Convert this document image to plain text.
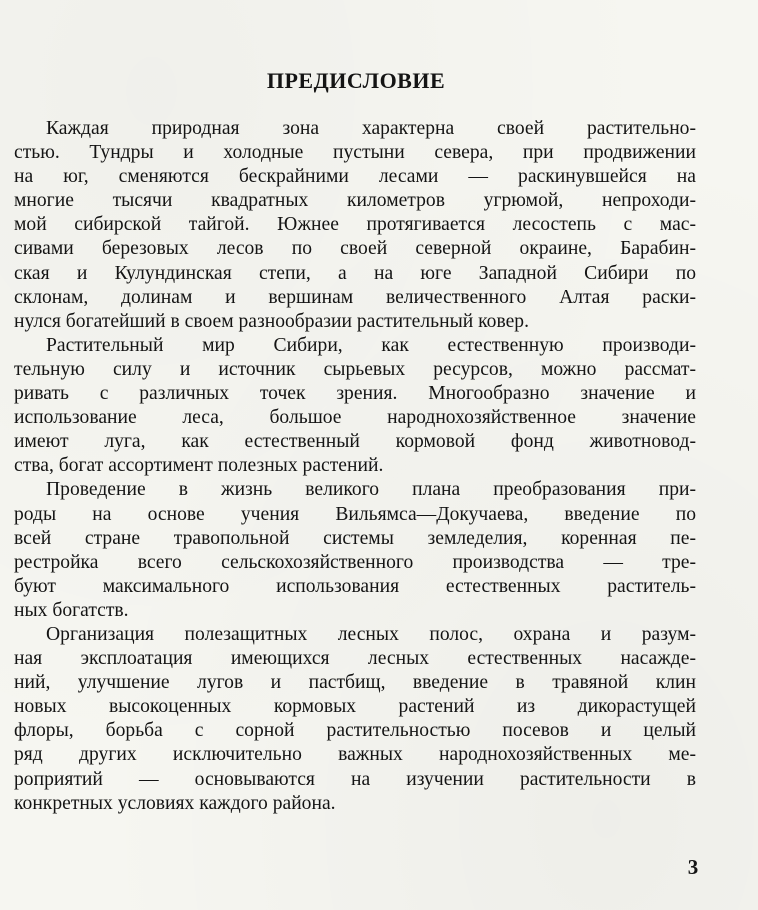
ПРЕДИСЛОВИЕ
Каждая природная зона характерна своей растительно-
стью. Тундры и холодные пустыни севера, при продвижении
на юг, сменяются бескрайними лесами — раскинувшейся на
многие тысячи квадратных километров угрюмой, непроходи-
мой сибирской тайгой. Южнее протягивается лесостепь с мас-
сивами березовых лесов по своей северной окраине, Барабин-
ская и Кулундинская степи, а на юге Западной Сибири по
склонам, долинам и вершинам величественного Алтая раски-
нулся богатейший в своем разнообразии растительный ковер.
Растительный мир Сибири, как естественную производи-
тельную силу и источник сырьевых ресурсов, можно рассмат-
ривать с различных точек зрения. Многообразно значение и
использование леса, большое народнохозяйственное значение
имеют луга, как естественный кормовой фонд животновод-
ства, богат ассортимент полезных растений.
Проведение в жизнь великого плана преобразования при-
роды на основе учения Вильямса—Докучаева, введение по
всей стране травопольной системы земледелия, коренная пе-
рестройка всего сельскохозяйственного производства — тре-
буют максимального использования естественных раститель-
ных богатств.
Организация полезащитных лесных полос, охрана и разум-
ная эксплоатация имеющихся лесных естественных насажде-
ний, улучшение лугов и пастбищ, введение в травяной клин
новых высокоценных кормовых растений из дикорастущей
флоры, борьба с сорной растительностью посевов и целый
ряд других исключительно важных народнохозяйственных ме-
роприятий — основываются на изучении растительности в
конкретных условиях каждого района.

3
